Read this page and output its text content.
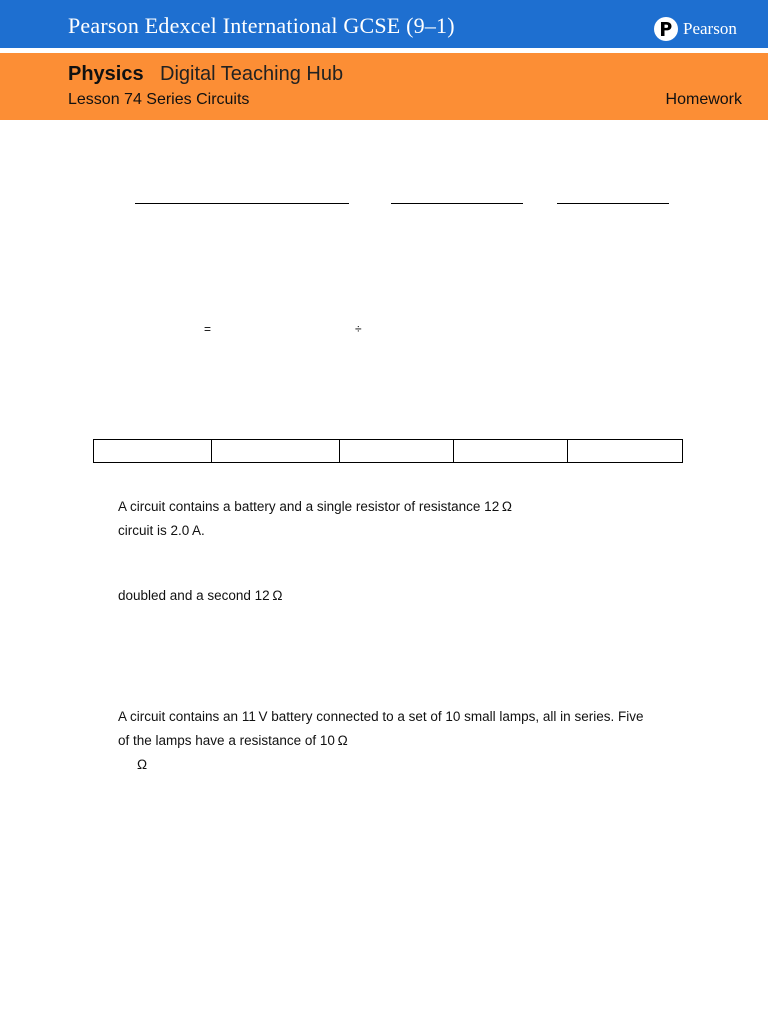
Pearson Edexcel International GCSE (9–1)	Pearson
Physics Digital Teaching Hub
Lesson 74 Series Circuits	Homework
=	÷

A circuit contains a battery and a single resistor of resistance 12 Ω
circuit is 2.0 A.
doubled and a second 12 Ω
A circuit contains an 11 V battery connected to a set of 10 small lamps, all in series. Five
of the lamps have a resistance of 10 Ω
Ω
